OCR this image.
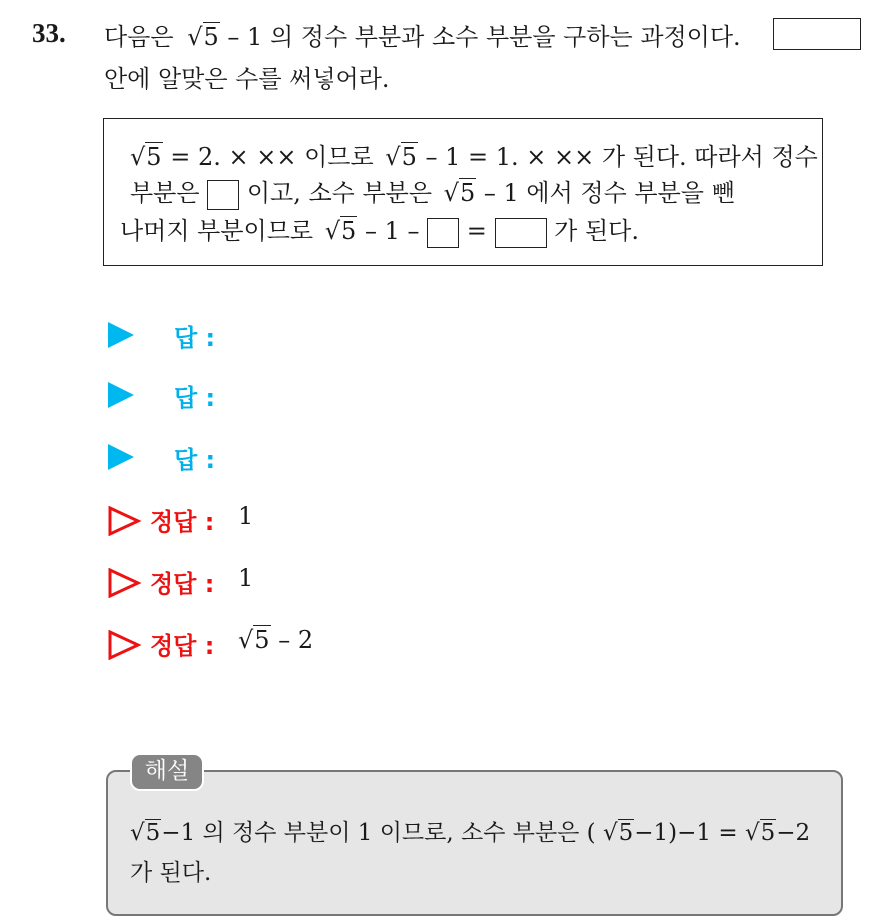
33. 다음은 √5 – 1 의 정수 부분과 소수 부분을 구하는 과정이다.
안에 알맞은 수를 써넣어라.
√5 = 2. × ×× 이므로 √5 – 1 = 1. × ×× 가 된다. 따라서 정수
부분은 이고, 소수 부분은 √5 – 1 에서 정수 부분을 뺀
나머지 부분이므로 √5 – 1 – =	가 된다.
답 :
답 :
답 :
정답 : 1
정답 : 1
정답 : √5 – 2
√5−1 의 정수 부분이 1 이므로, 소수 부분은 ( √5−1)−1 = √5−2
가 된다.
해설
